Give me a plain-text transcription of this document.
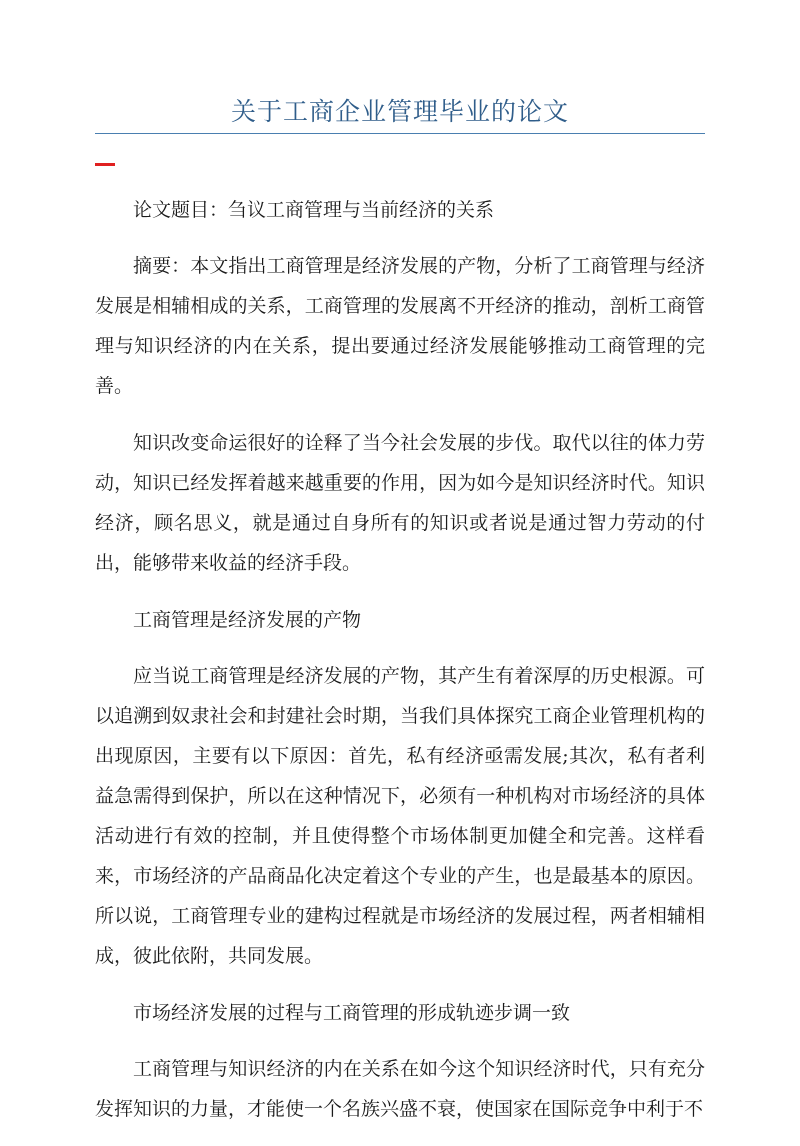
关于工商企业管理毕业的论文

论文题目：刍议工商管理与当前经济的关系

摘要：本文指出工商管理是经济发展的产物，分析了工商管理与经济发展是相辅相成的关系，工商管理的发展离不开经济的推动，剖析工商管理与知识经济的内在关系，提出要通过经济发展能够推动工商管理的完善。

知识改变命运很好的诠释了当今社会发展的步伐。取代以往的体力劳动，知识已经发挥着越来越重要的作用，因为如今是知识经济时代。知识经济，顾名思义，就是通过自身所有的知识或者说是通过智力劳动的付出，能够带来收益的经济手段。

工商管理是经济发展的产物

应当说工商管理是经济发展的产物，其产生有着深厚的历史根源。可以追溯到奴隶社会和封建社会时期，当我们具体探究工商企业管理机构的出现原因，主要有以下原因：首先，私有经济亟需发展;其次，私有者利益急需得到保护，所以在这种情况下，必须有一种机构对市场经济的具体活动进行有效的控制，并且使得整个市场体制更加健全和完善。这样看来，市场经济的产品商品化决定着这个专业的产生，也是最基本的原因。所以说，工商管理专业的建构过程就是市场经济的发展过程，两者相辅相成，彼此依附，共同发展。

市场经济发展的过程与工商管理的形成轨迹步调一致

工商管理与知识经济的内在关系在如今这个知识经济时代，只有充分发挥知识的力量，才能使一个名族兴盛不衰，使国家在国际竞争中利于不
